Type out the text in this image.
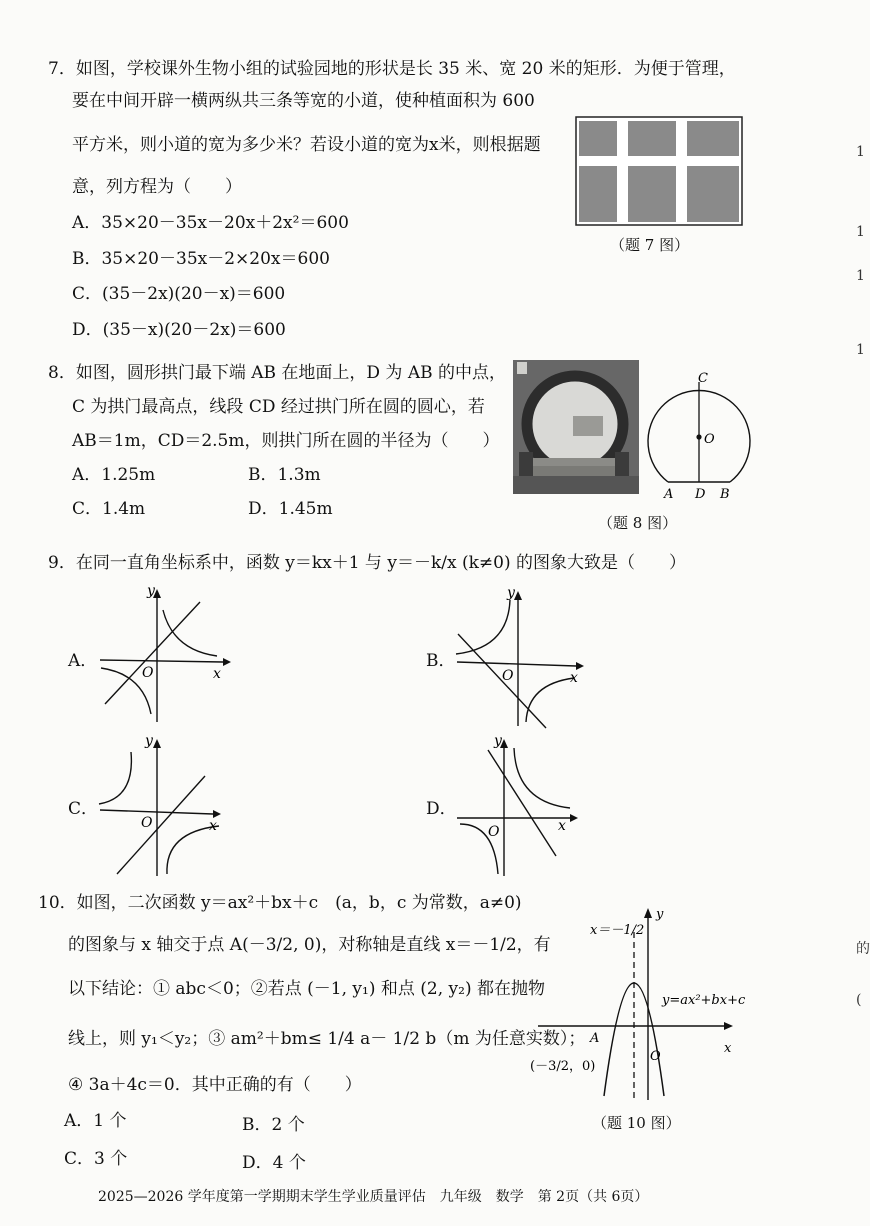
7．如图，学校课外生物小组的试验园地的形状是长 35 米、宽 20 米的矩形．为便于管理，
要在中间开辟一横两纵共三条等宽的小道，使种植面积为 600
平方米，则小道的宽为多少米？若设小道的宽为x米，则根据题
意，列方程为（　　）
A．35×20－35x－20x＋2x²＝600
B．35×20－35x－2×20x＝600
C．(35－2x)(20－x)＝600
D．(35－x)(20－2x)＝600
（题 7 图）
8．如图，圆形拱门最下端 AB 在地面上，D 为 AB 的中点，
C 为拱门最高点，线段 CD 经过拱门所在圆的圆心，若
AB＝1m，CD＝2.5m，则拱门所在圆的半径为（　　）
A．1.25m	B．1.3m
C．1.4m	D．1.45m
C
O
A D B
（题 8 图）
9．在同一直角坐标系中，函数 y＝kx＋1 与 y＝－k/x (k≠0) 的图象大致是（　　）
A．
y
x
O
B．
y
x
O
C．
y
x
O
D．
y
x
O
10．如图，二次函数 y＝ax²＋bx＋c　(a，b，c 为常数，a≠0)
的图象与 x 轴交于点 A(－3/2, 0)，对称轴是直线 x＝－1/2，有
以下结论：① abc＜0；②若点 (－1, y₁) 和点 (2, y₂) 都在抛物
线上，则 y₁＜y₂；③ am²＋bm≤ 1/4 a－ 1/2 b（m 为任意实数）；
④ 3a＋4c＝0．其中正确的有（　　）
A．1 个	B．2 个
C．3 个	D．4 个
x＝－1/2
y
y=ax²+bx+c
A
O
x
(－3/2，0)
（题 10 图）
2025—2026 学年度第一学期期末学生学业质量评估　九年级　数学　第 2页（共 6页）
1
1
1
1
的
(
